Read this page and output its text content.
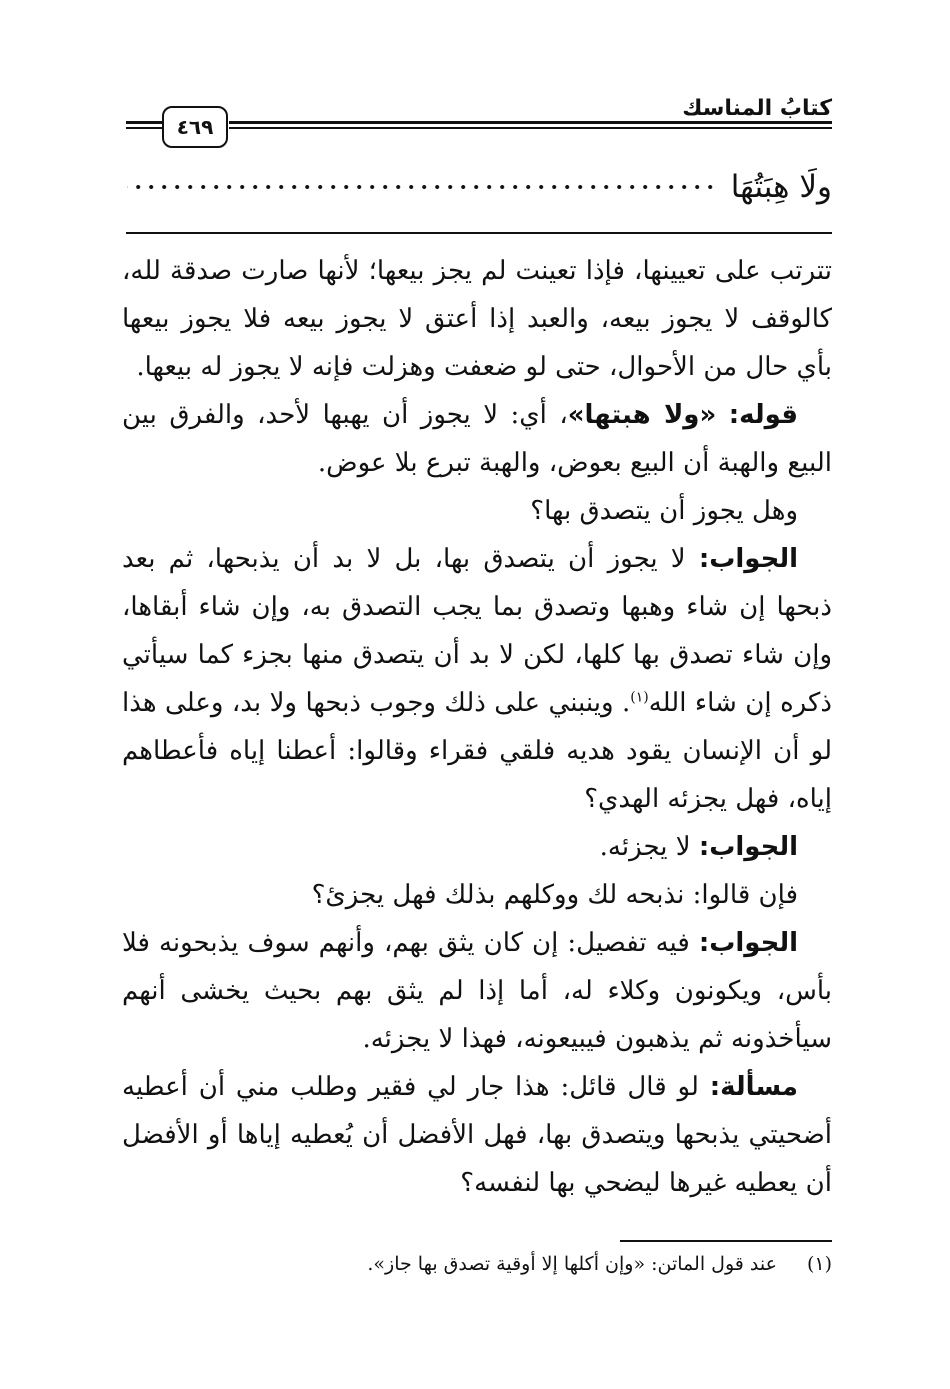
كتابُ المناسك
٤٦٩
ولَا هِبَتُهَا

تترتب على تعيينها، فإذا تعينت لم يجز بيعها؛ لأنها صارت صدقة لله، كالوقف لا يجوز بيعه، والعبد إذا أعتق لا يجوز بيعه فلا يجوز بيعها بأي حال من الأحوال، حتى لو ضعفت وهزلت فإنه لا يجوز له بيعها.

قوله: «ولا هبتها»، أي: لا يجوز أن يهبها لأحد، والفرق بين البيع والهبة أن البيع بعوض، والهبة تبرع بلا عوض.

وهل يجوز أن يتصدق بها؟

الجواب: لا يجوز أن يتصدق بها، بل لا بد أن يذبحها، ثم بعد ذبحها إن شاء وهبها وتصدق بما يجب التصدق به، وإن شاء أبقاها، وإن شاء تصدق بها كلها، لكن لا بد أن يتصدق منها بجزء كما سيأتي ذكره إن شاء الله$^{(١)}$. وينبني على ذلك وجوب ذبحها ولا بد، وعلى هذا لو أن الإنسان يقود هديه فلقي فقراء وقالوا: أعطنا إياه فأعطاهم إياه، فهل يجزئه الهدي؟

الجواب: لا يجزئه.

فإن قالوا: نذبحه لك ووكلهم بذلك فهل يجزئ؟

الجواب: فيه تفصيل: إن كان يثق بهم، وأنهم سوف يذبحونه فلا بأس، ويكونون وكلاء له، أما إذا لم يثق بهم بحيث يخشى أنهم سيأخذونه ثم يذهبون فيبيعونه، فهذا لا يجزئه.

مسألة: لو قال قائل: هذا جار لي فقير وطلب مني أن أعطيه أضحيتي يذبحها ويتصدق بها، فهل الأفضل أن يُعطيه إياها أو الأفضل أن يعطيه غيرها ليضحي بها لنفسه؟

(١)عند قول الماتن: «وإن أكلها إلا أوقية تصدق بها جاز».
